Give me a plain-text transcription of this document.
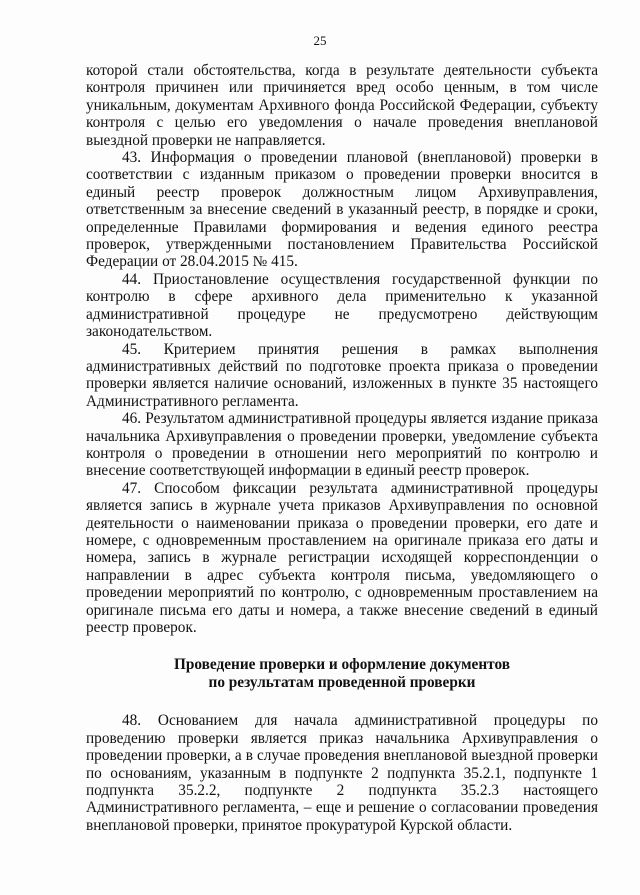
25

которой стали обстоятельства, когда в результате деятельности субъекта контроля причинен или причиняется вред особо ценным, в том числе уникальным, документам Архивного фонда Российской Федерации, субъекту контроля с целью его уведомления о начале проведения внеплановой выездной проверки не направляется.

43. Информация о проведении плановой (внеплановой) проверки в соответствии с изданным приказом о проведении проверки вносится в единый реестр проверок должностным лицом Архивуправления, ответственным за внесение сведений в указанный реестр, в порядке и сроки, определенные Правилами формирования и ведения единого реестра проверок, утвержденными постановлением Правительства Российской Федерации от 28.04.2015 № 415.

44. Приостановление осуществления государственной функции по контролю в сфере архивного дела применительно к указанной административной процедуре не предусмотрено действующим законодательством.

45. Критерием принятия решения в рамках выполнения административных действий по подготовке проекта приказа о проведении проверки является наличие оснований, изложенных в пункте 35 настоящего Административного регламента.

46. Результатом административной процедуры является издание приказа начальника Архивуправления о проведении проверки, уведомление субъекта контроля о проведении в отношении него мероприятий по контролю и внесение соответствующей информации в единый реестр проверок.

47. Способом фиксации результата административной процедуры является запись в журнале учета приказов Архивуправления по основной деятельности о наименовании приказа о проведении проверки, его дате и номере, с одновременным проставлением на оригинале приказа его даты и номера, запись в журнале регистрации исходящей корреспонденции о направлении в адрес субъекта контроля письма, уведомляющего о проведении мероприятий по контролю, с одновременным проставлением на оригинале письма его даты и номера, а также внесение сведений в единый реестр проверок.

Проведение проверки и оформление документов
по результатам проведенной проверки

48. Основанием для начала административной процедуры по проведению проверки является приказ начальника Архивуправления о проведении проверки, а в случае проведения внеплановой выездной проверки по основаниям, указанным в подпункте 2 подпункта 35.2.1, подпункте 1 подпункта 35.2.2, подпункте 2 подпункта 35.2.3 настоящего Административного регламента, – еще и решение о согласовании проведения внеплановой проверки, принятое прокуратурой Курской области.
